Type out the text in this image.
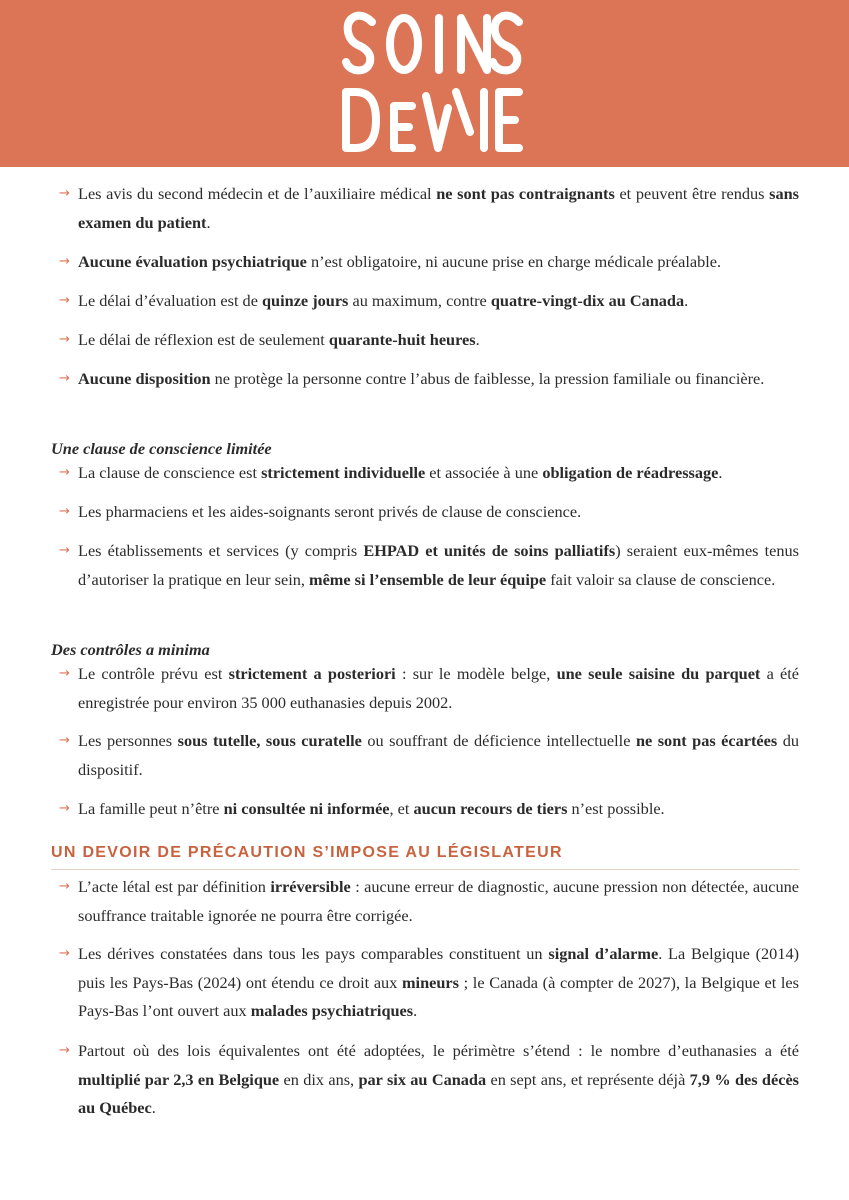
→ Les avis du second médecin et de l’auxiliaire médical ne sont pas contraignants et peuvent être rendus sans examen du patient.
→ Aucune évaluation psychiatrique n’est obligatoire, ni aucune prise en charge médicale préalable.
→ Le délai d’évaluation est de quinze jours au maximum, contre quatre-vingt-dix au Canada.
→ Le délai de réflexion est de seulement quarante-huit heures.
→ Aucune disposition ne protège la personne contre l’abus de faiblesse, la pression familiale ou financière.
Une clause de conscience limitée
→ La clause de conscience est strictement individuelle et associée à une obligation de réadressage.
→ Les pharmaciens et les aides-soignants seront privés de clause de conscience.
→ Les établissements et services (y compris EHPAD et unités de soins palliatifs) seraient eux-mêmes tenus d’autoriser la pratique en leur sein, même si l’ensemble de leur équipe fait valoir sa clause de conscience.
Des contrôles a minima
→ Le contrôle prévu est strictement a posteriori : sur le modèle belge, une seule saisine du parquet a été enregistrée pour environ 35 000 euthanasies depuis 2002.
→ Les personnes sous tutelle, sous curatelle ou souffrant de déficience intellectuelle ne sont pas écartées du dispositif.
→ La famille peut n’être ni consultée ni informée, et aucun recours de tiers n’est possible.
UN DEVOIR DE PRÉCAUTION S’IMPOSE AU LÉGISLATEUR
→ L’acte létal est par définition irréversible : aucune erreur de diagnostic, aucune pression non détectée, aucune souffrance traitable ignorée ne pourra être corrigée.
→ Les dérives constatées dans tous les pays comparables constituent un signal d’alarme. La Belgique (2014) puis les Pays-Bas (2024) ont étendu ce droit aux mineurs ; le Canada (à compter de 2027), la Belgique et les Pays-Bas l’ont ouvert aux malades psychiatriques.
→ Partout où des lois équivalentes ont été adoptées, le périmètre s’étend : le nombre d’euthanasies a été multiplié par 2,3 en Belgique en dix ans, par six au Canada en sept ans, et représente déjà 7,9 % des décès au Québec.
